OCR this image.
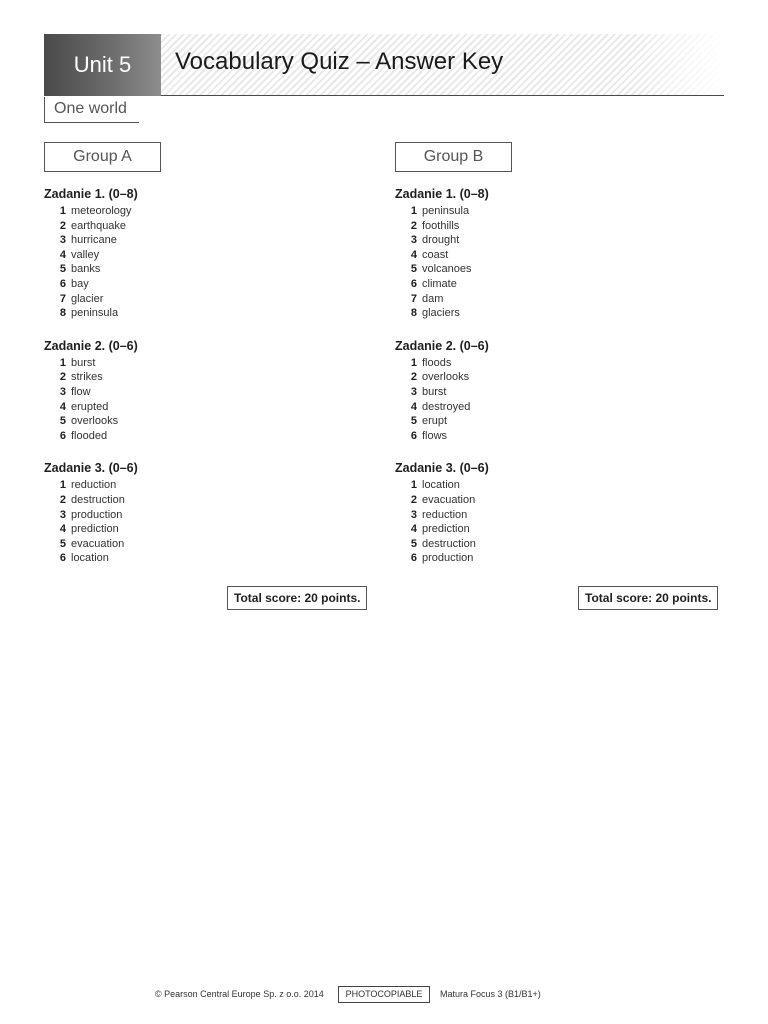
Unit 5	Vocabulary Quiz – Answer Key
One world
Group A	Group B
Zadanie 1. (0–8)
1 meteorology
2 earthquake
3 hurricane
4 valley
5 banks
6 bay
7 glacier
8 peninsula
Zadanie 2. (0–6)
1 burst
2 strikes
3 flow
4 erupted
5 overlooks
6 flooded
Zadanie 3. (0–6)
1 reduction
2 destruction
3 production
4 prediction
5 evacuation
6 location
Zadanie 1. (0–8)
1 peninsula
2 foothills
3 drought
4 coast
5 volcanoes
6 climate
7 dam
8 glaciers
Zadanie 2. (0–6)
1 floods
2 overlooks
3 burst
4 destroyed
5 erupt
6 flows
Zadanie 3. (0–6)
1 location
2 evacuation
3 reduction
4 prediction
5 destruction
6 production
Total score: 20 points.	Total score: 20 points.
© Pearson Central Europe Sp. z o.o. 2014	PHOTOCOPIABLE	Matura Focus 3 (B1/B1+)
